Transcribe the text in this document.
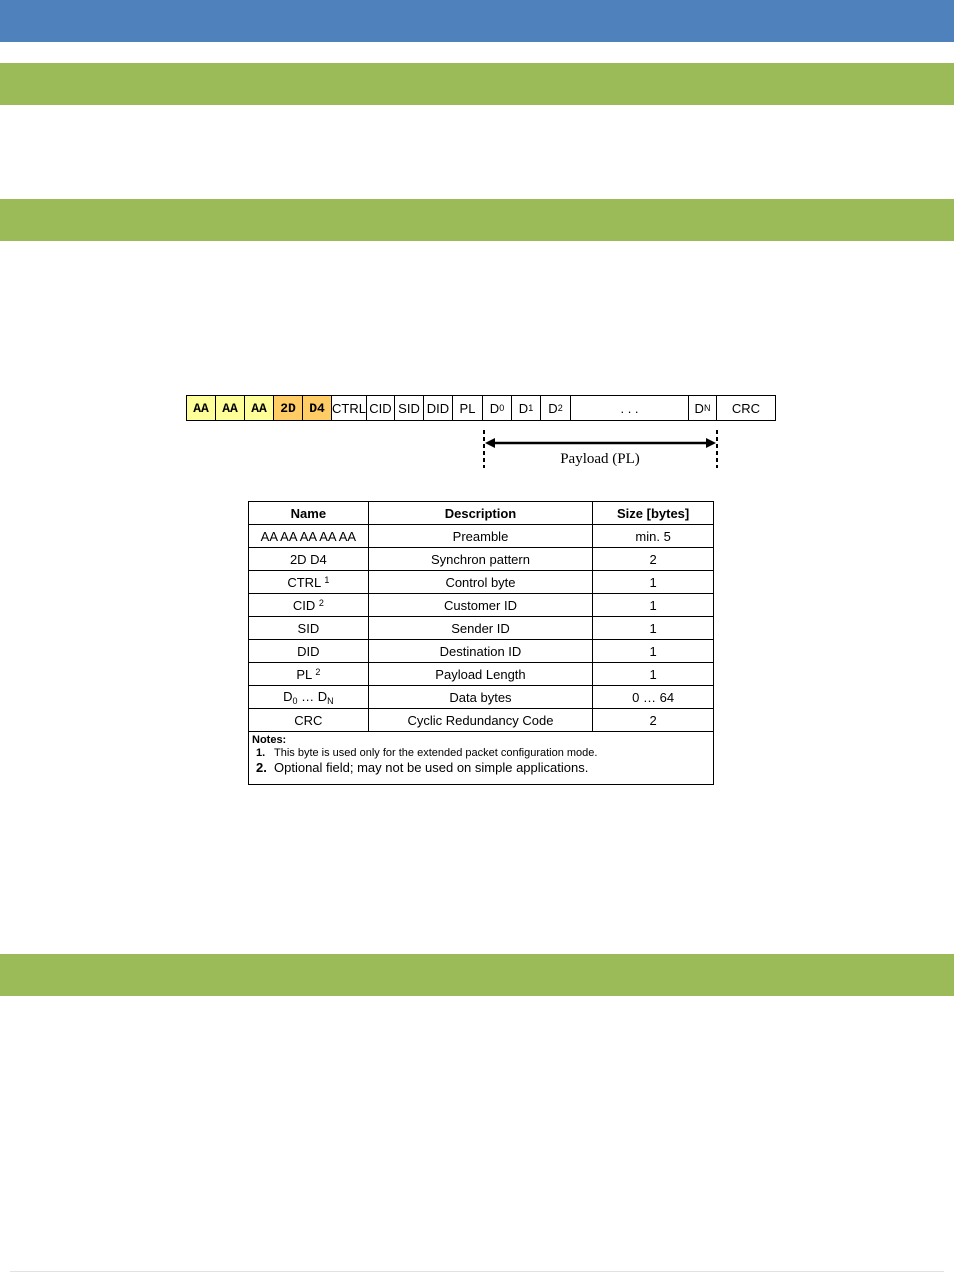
AA AA AA 2D D4 CTRL CID SID DID PL D 0 D 1 D 2	. . .	D N CRC
Payload (PL)
Name	Description	Size [bytes]
AA AA AA AA AA	Preamble	min. 5
2D D4	Synchron pattern	2
CTRL $^1$	Control byte	1
CID $^2$	Customer ID	1
SID	Sender ID	1
DID	Destination ID	1
PL $^2$	Payload Length	1
$D_0$ … $D_N$	Data bytes	0 … 64
CRC	Cyclic Redundancy Code	2
Notes:
1. This byte is used only for the extended packet configuration mode.
2. Optional field; may not be used on simple applications.
